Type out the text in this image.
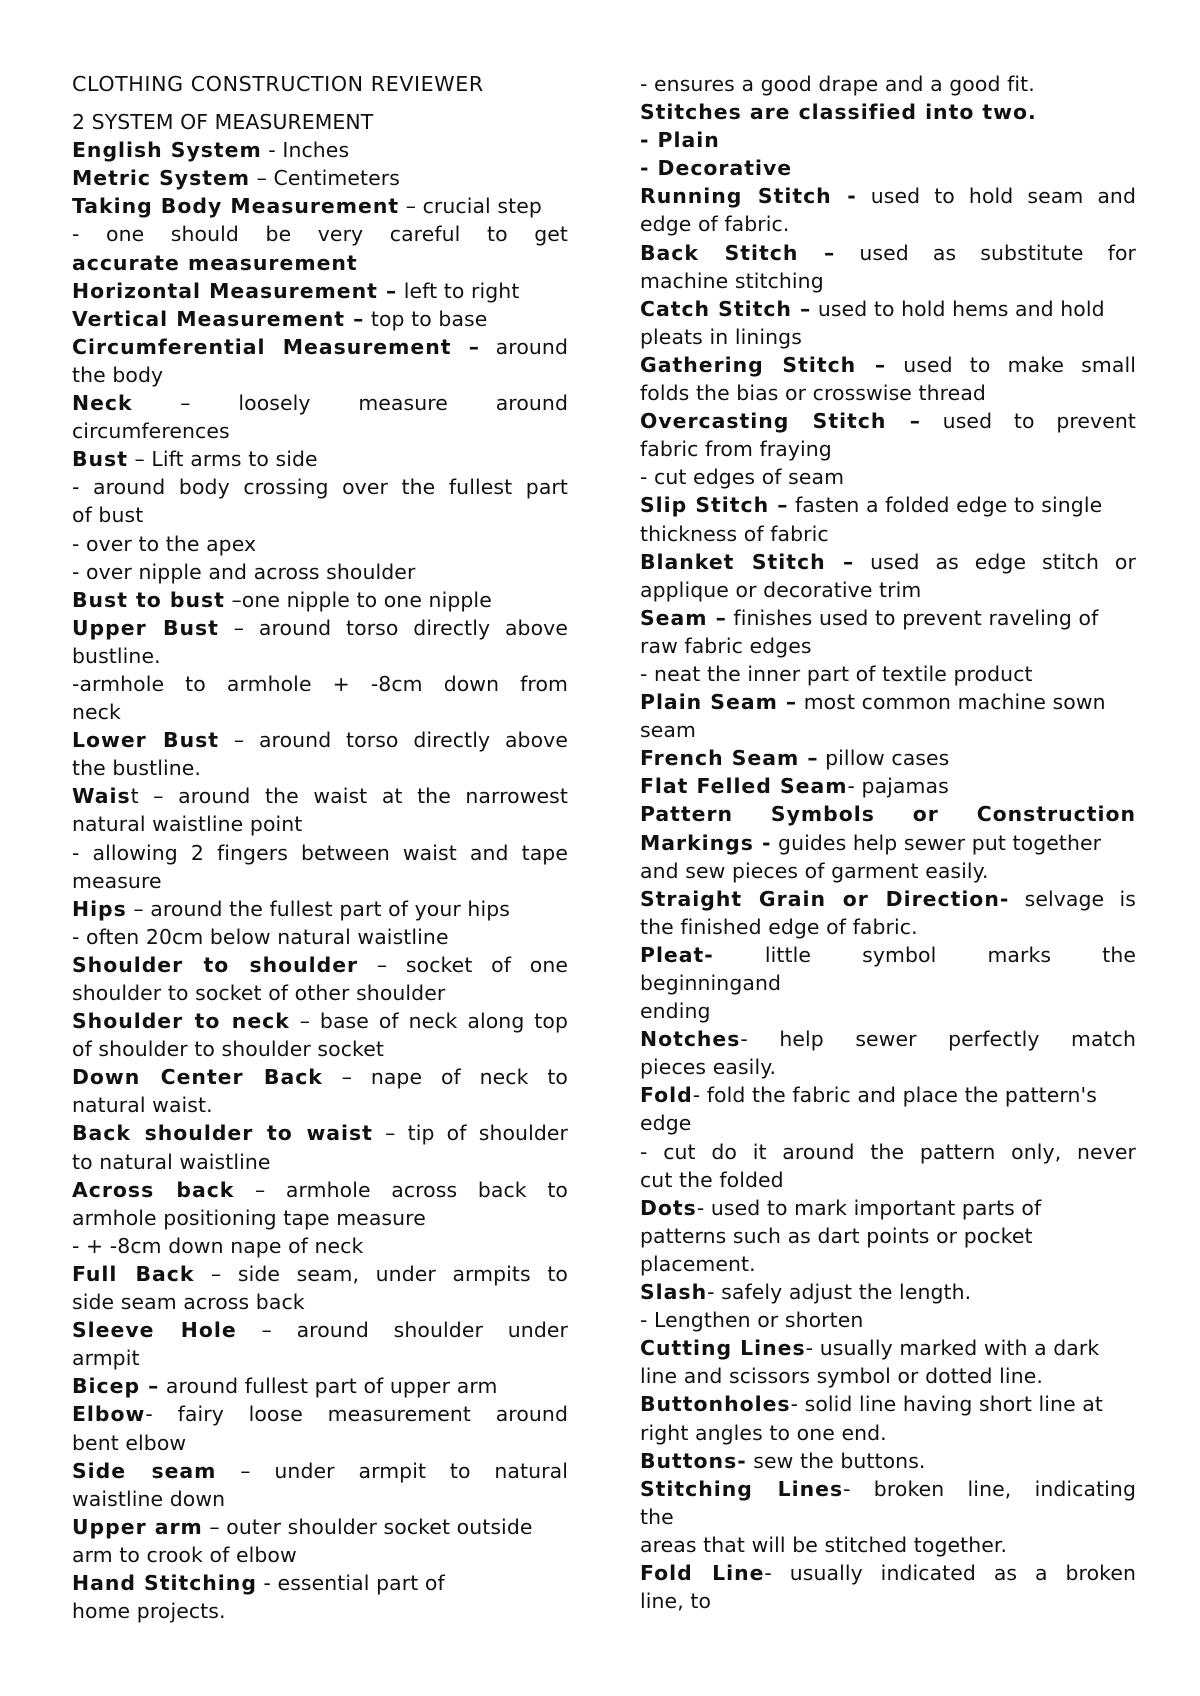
CLOTHING CONSTRUCTION REVIEWER
2 SYSTEM OF MEASUREMENT
English System - Inches
Metric System – Centimeters
Taking Body Measurement – crucial step
- one should be very careful to get
accurate measurement
Horizontal Measurement – left to right
Vertical Measurement – top to base
Circumferential Measurement – around
the body
Neck – loosely measure around
circumferences
Bust – Lift arms to side
- around body crossing over the fullest part
of bust
- over to the apex
- over nipple and across shoulder
Bust to bust –one nipple to one nipple
Upper Bust – around torso directly above
bustline.
-armhole to armhole + -8cm down from
neck
Lower Bust – around torso directly above
the bustline.
Waist – around the waist at the narrowest
natural waistline point
- allowing 2 fingers between waist and tape
measure
Hips – around the fullest part of your hips
- often 20cm below natural waistline
Shoulder to shoulder – socket of one
shoulder to socket of other shoulder
Shoulder to neck – base of neck along top
of shoulder to shoulder socket
Down Center Back – nape of neck to
natural waist.
Back shoulder to waist – tip of shoulder
to natural waistline
Across back – armhole across back to
armhole positioning tape measure
- + -8cm down nape of neck
Full Back – side seam, under armpits to
side seam across back
Sleeve Hole – around shoulder under
armpit
Bicep – around fullest part of upper arm
Elbow- fairy loose measurement around
bent elbow
Side seam – under armpit to natural
waistline down
Upper arm – outer shoulder socket outside
arm to crook of elbow
Hand Stitching - essential part of
home projects.
- ensures a good drape and a good fit.
Stitches are classified into two.
- Plain
- Decorative
Running Stitch - used to hold seam and
edge of fabric.
Back Stitch – used as substitute for
machine stitching
Catch Stitch – used to hold hems and hold
pleats in linings
Gathering Stitch – used to make small
folds the bias or crosswise thread
Overcasting Stitch – used to prevent
fabric from fraying
- cut edges of seam
Slip Stitch – fasten a folded edge to single
thickness of fabric
Blanket Stitch – used as edge stitch or
applique or decorative trim
Seam – finishes used to prevent raveling of
raw fabric edges
- neat the inner part of textile product
Plain Seam – most common machine sown
seam
French Seam – pillow cases
Flat Felled Seam- pajamas
Pattern Symbols or Construction
Markings - guides help sewer put together
and sew pieces of garment easily.
Straight Grain or Direction- selvage is
the finished edge of fabric.
Pleat- little symbol marks the
beginningand
ending
Notches- help sewer perfectly match
pieces easily.
Fold- fold the fabric and place the pattern's
edge
- cut do it around the pattern only, never
cut the folded
Dots- used to mark important parts of
patterns such as dart points or pocket
placement.
Slash- safely adjust the length.
- Lengthen or shorten
Cutting Lines- usually marked with a dark
line and scissors symbol or dotted line.
Buttonholes- solid line having short line at
right angles to one end.
Buttons- sew the buttons.
Stitching Lines- broken line, indicating
the
areas that will be stitched together.
Fold Line- usually indicated as a broken
line, to
